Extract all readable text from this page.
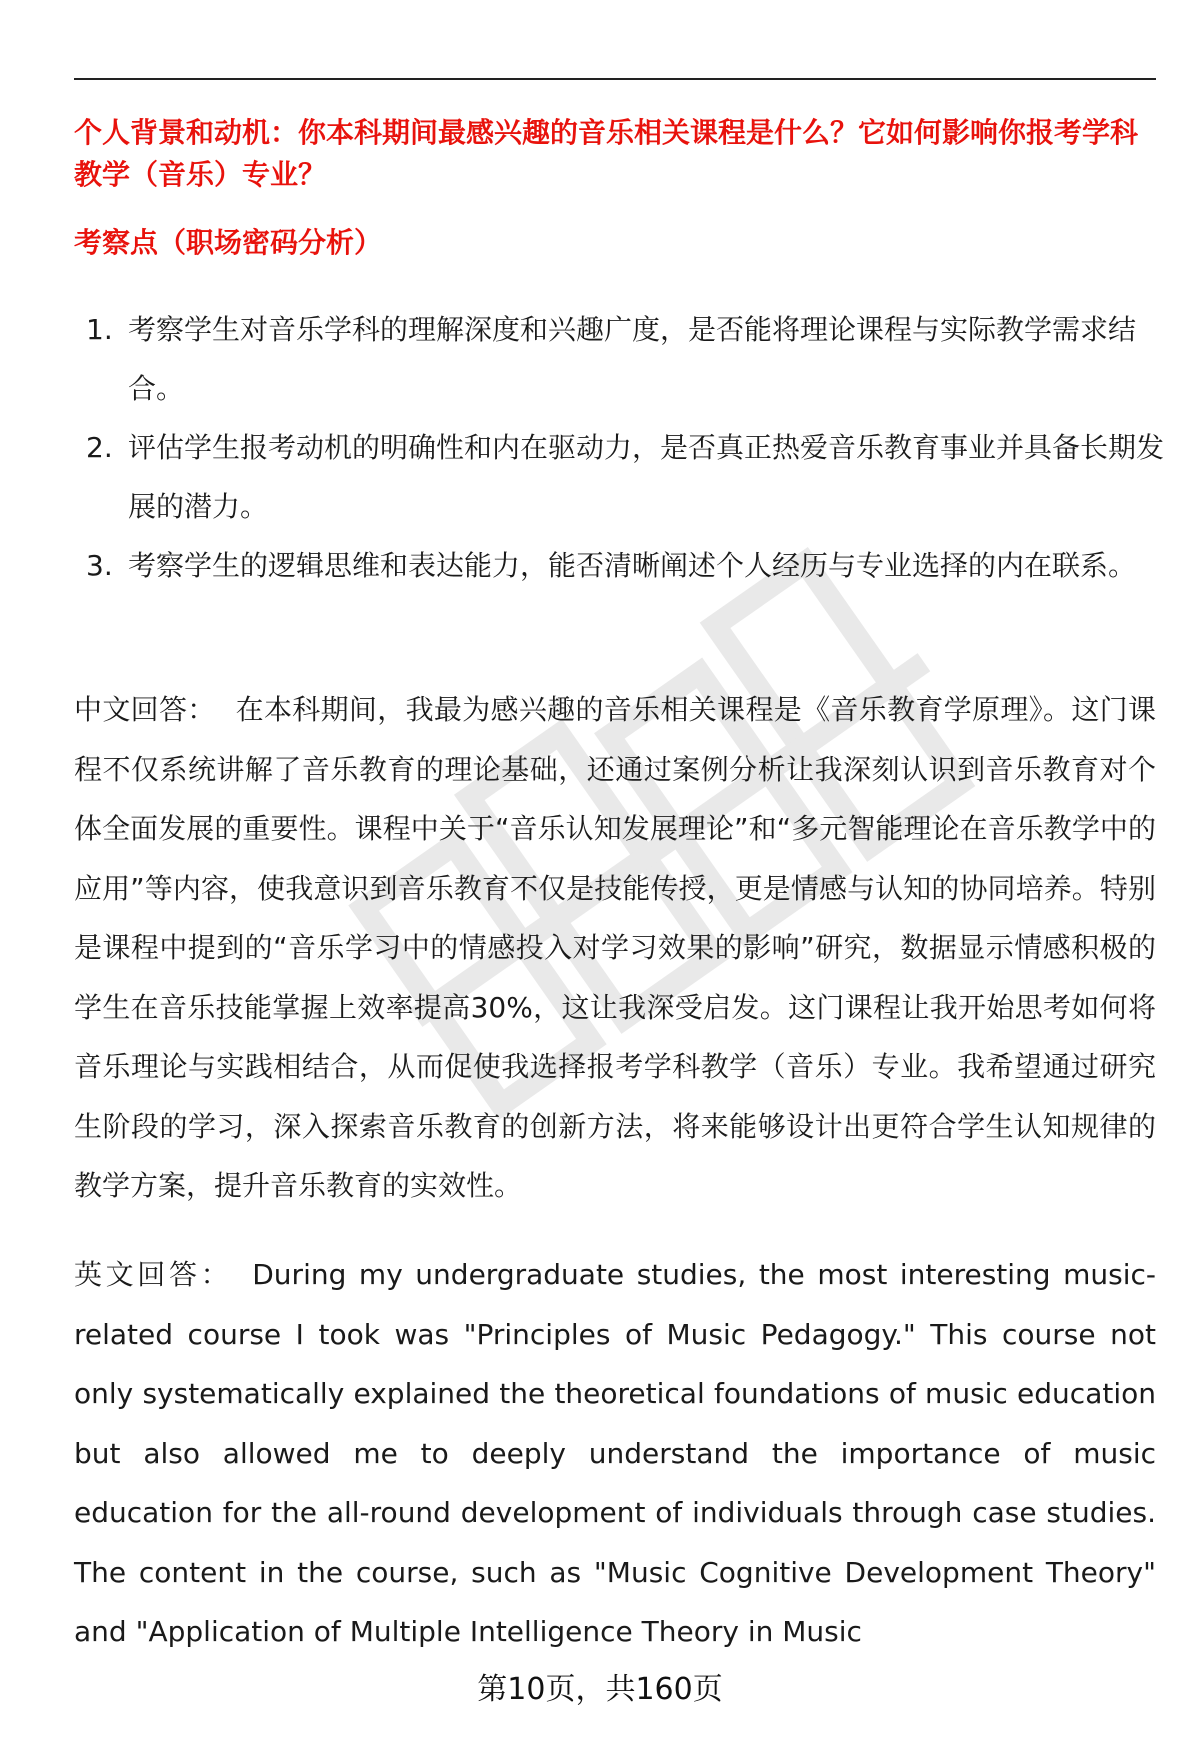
个人背景和动机：你本科期间最感兴趣的音乐相关课程是什么？它如何影响你报考学科教学（音乐）专业？
考察点（职场密码分析）
1. 考察学生对音乐学科的理解深度和兴趣广度，是否能将理论课程与实际教学需求结合。
2. 评估学生报考动机的明确性和内在驱动力，是否真正热爱音乐教育事业并具备长期发展的潜力。
3. 考察学生的逻辑思维和表达能力，能否清晰阐述个人经历与专业选择的内在联系。

中文回答： 在本科期间，我最为感兴趣的音乐相关课程是《音乐教育学原理》。这门课程不仅系统讲解了音乐教育的理论基础，还通过案例分析让我深刻认识到音乐教育对个体全面发展的重要性。课程中关于“音乐认知发展理论”和“多元智能理论在音乐教学中的应用”等内容，使我意识到音乐教育不仅是技能传授，更是情感与认知的协同培养。特别是课程中提到的“音乐学习中的情感投入对学习效果的影响”研究，数据显示情感积极的学生在音乐技能掌握上效率提高30%，这让我深受启发。这门课程让我开始思考如何将音乐理论与实践相结合，从而促使我选择报考学科教学（音乐）专业。我希望通过研究生阶段的学习，深入探索音乐教育的创新方法，将来能够设计出更符合学生认知规律的教学方案，提升音乐教育的实效性。

英文回答： During my undergraduate studies, the most interesting music-related course I took was "Principles of Music Pedagogy." This course not only systematically explained the theoretical foundations of music education but also allowed me to deeply understand the importance of music education for the all-round development of individuals through case studies. The content in the course, such as "Music Cognitive Development Theory" and "Application of Multiple Intelligence Theory in Music

第10页，共160页
